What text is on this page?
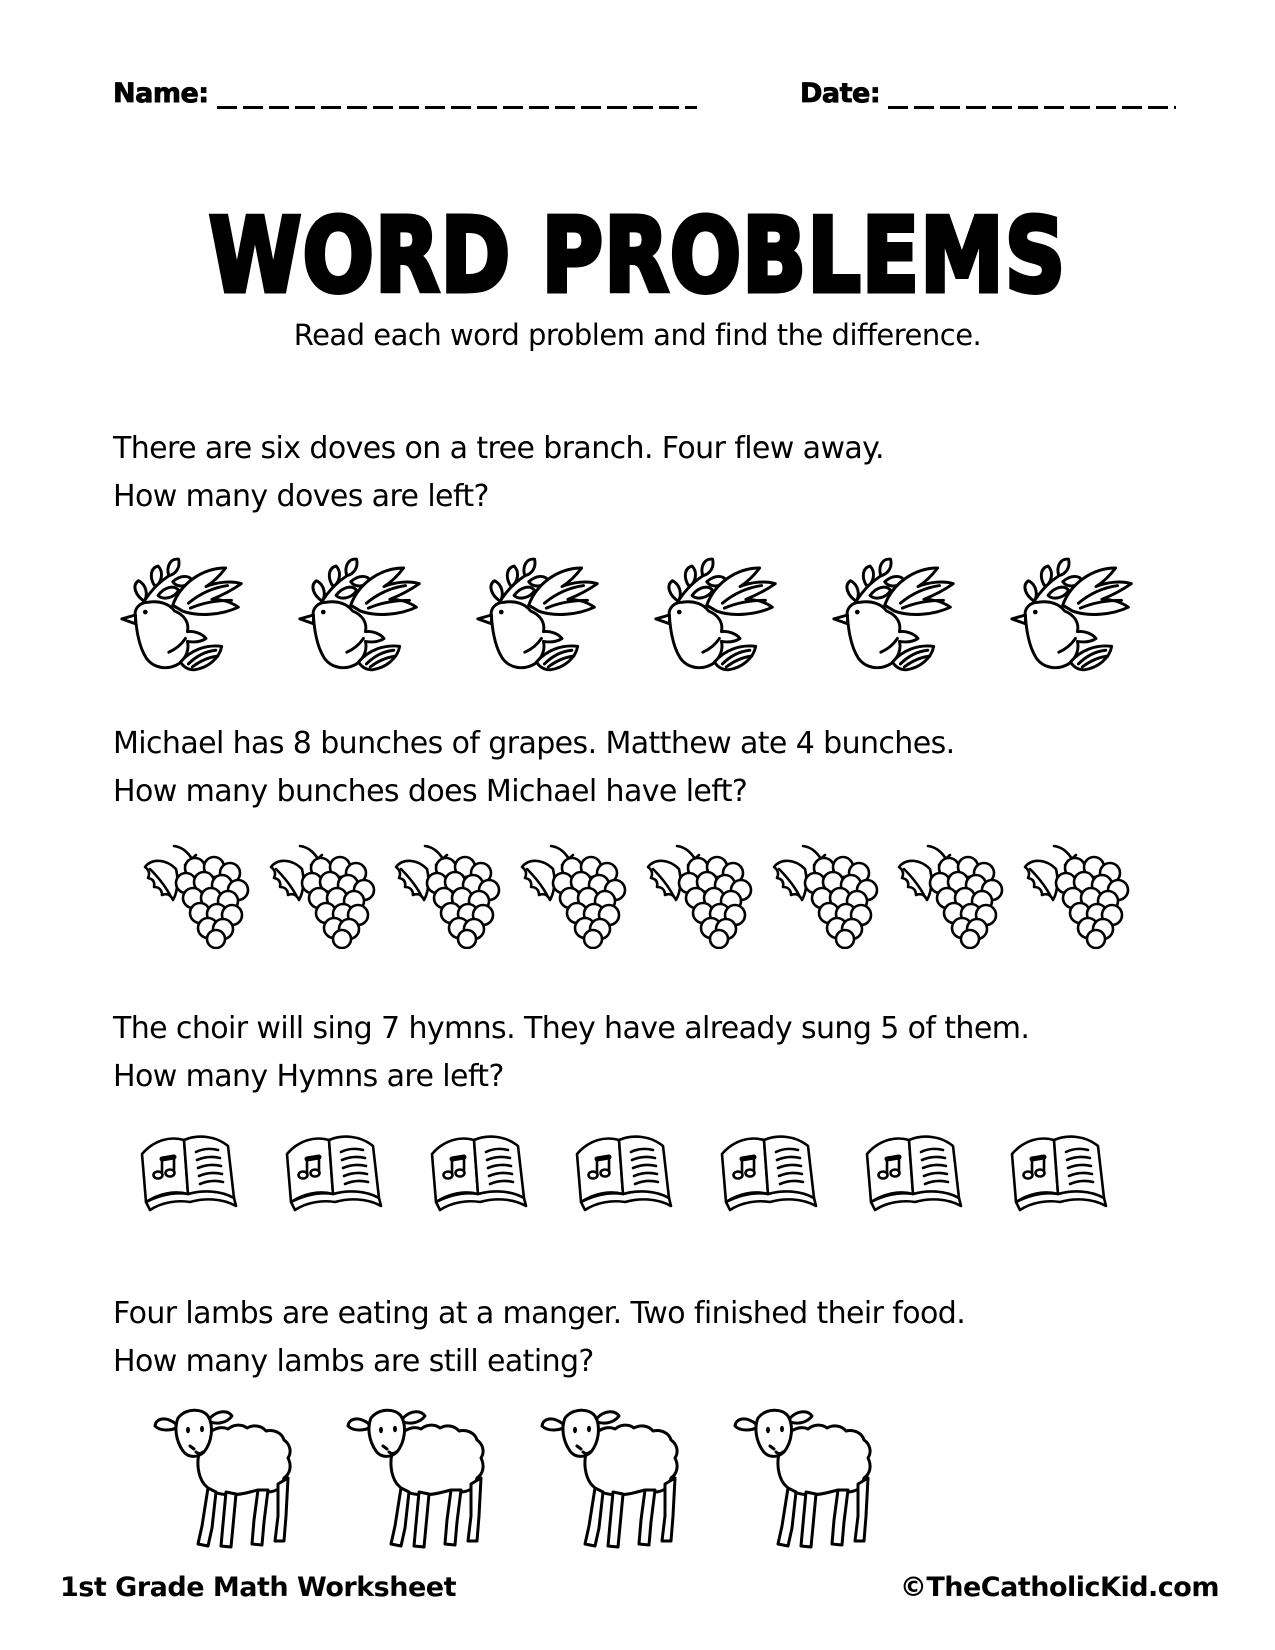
Name:	Date:
WORD PROBLEMS
Read each word problem and find the difference.
There are six doves on a tree branch. Four flew away.
How many doves are left?
Michael has 8 bunches of grapes. Matthew ate 4 bunches.
How many bunches does Michael have left?
The choir will sing 7 hymns. They have already sung 5 of them.
How many Hymns are left?
Four lambs are eating at a manger. Two finished their food.
How many lambs are still eating?
1st Grade Math Worksheet	©TheCatholicKid.com
